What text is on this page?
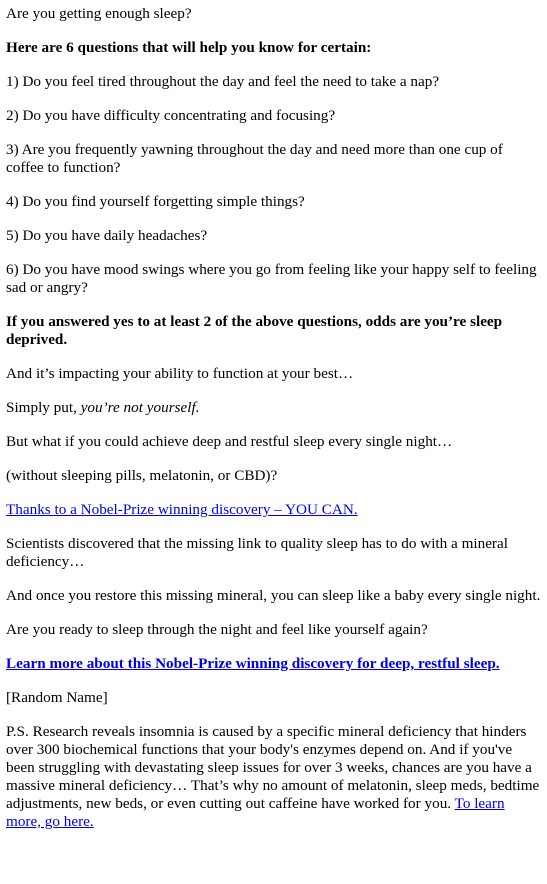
Are you getting enough sleep?

Here are 6 questions that will help you know for certain:

1) Do you feel tired throughout the day and feel the need to take a nap?

2) Do you have difficulty concentrating and focusing?

3) Are you frequently yawning throughout the day and need more than one cup of coffee to function?

4) Do you find yourself forgetting simple things?

5) Do you have daily headaches?

6) Do you have mood swings where you go from feeling like your happy self to feeling sad or angry?

If you answered yes to at least 2 of the above questions, odds are you’re sleep deprived.

And it’s impacting your ability to function at your best…

Simply put, you’re not yourself.

But what if you could achieve deep and restful sleep every single night…

(without sleeping pills, melatonin, or CBD)?

Thanks to a Nobel-Prize winning discovery – YOU CAN.

Scientists discovered that the missing link to quality sleep has to do with a mineral deficiency…

And once you restore this missing mineral, you can sleep like a baby every single night.

Are you ready to sleep through the night and feel like yourself again?

Learn more about this Nobel-Prize winning discovery for deep, restful sleep.

[Random Name]

P.S. Research reveals insomnia is caused by a specific mineral deficiency that hinders over 300 biochemical functions that your body's enzymes depend on. And if you've been struggling with devastating sleep issues for over 3 weeks, chances are you have a massive mineral deficiency… That’s why no amount of melatonin, sleep meds, bedtime adjustments, new beds, or even cutting out caffeine have worked for you. To learn more, go here.
